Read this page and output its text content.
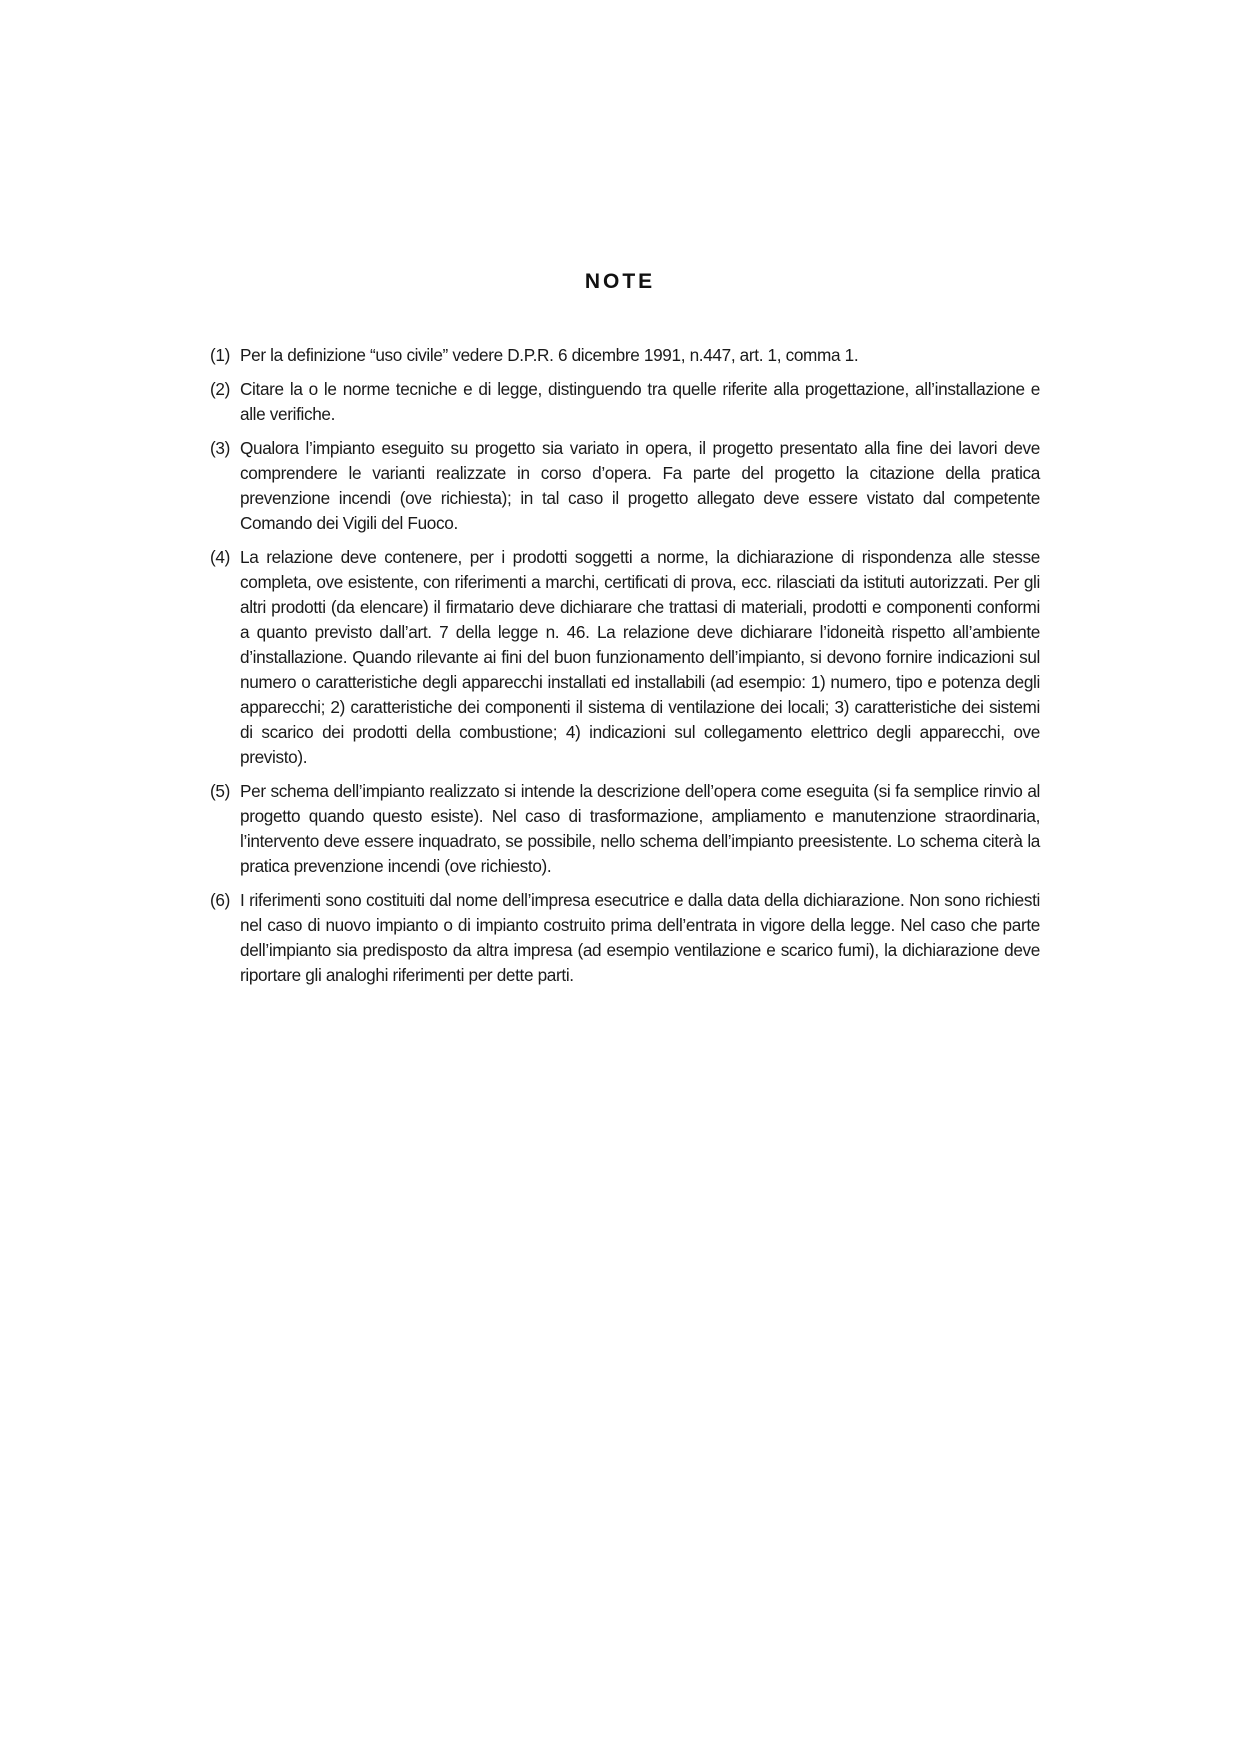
NOTE
(1) Per la definizione “uso civile” vedere D.P.R. 6 dicembre 1991, n.447, art. 1, comma 1.
(2) Citare la o le norme tecniche e di legge, distinguendo tra quelle riferite alla progettazione, all’installazione e alle verifiche.
(3) Qualora l’impianto eseguito su progetto sia variato in opera, il progetto presentato alla fine dei lavori deve comprendere le varianti realizzate in corso d’opera. Fa parte del progetto la citazione della pratica prevenzione incendi (ove richiesta); in tal caso il progetto allegato deve essere vistato dal competente Comando dei Vigili del Fuoco.
(4) La relazione deve contenere, per i prodotti soggetti a norme, la dichiarazione di rispondenza alle stesse completa, ove esistente, con riferimenti a marchi, certificati di prova, ecc. rilasciati da istituti autorizzati. Per gli altri prodotti (da elencare) il firmatario deve dichiarare che trattasi di materiali, prodotti e componenti conformi a quanto previsto dall’art. 7 della legge n. 46. La relazione deve dichiarare l’idoneità rispetto all’ambiente d’installazione. Quando rilevante ai fini del buon funzionamento dell’impianto, si devono fornire indicazioni sul numero o caratteristiche degli apparecchi installati ed installabili (ad esempio: 1) numero, tipo e potenza degli apparecchi; 2) caratteristiche dei componenti il sistema di ventilazione dei locali; 3) caratteristiche dei sistemi di scarico dei prodotti della combustione; 4) indicazioni sul collegamento elettrico degli apparecchi, ove previsto).
(5) Per schema dell’impianto realizzato si intende la descrizione dell’opera come eseguita (si fa semplice rinvio al progetto quando questo esiste). Nel caso di trasformazione, ampliamento e manutenzione straordinaria, l’intervento deve essere inquadrato, se possibile, nello schema dell’impianto preesistente. Lo schema citerà la pratica prevenzione incendi (ove richiesto).
(6) I riferimenti sono costituiti dal nome dell’impresa esecutrice e dalla data della dichiarazione. Non sono richiesti nel caso di nuovo impianto o di impianto costruito prima dell’entrata in vigore della legge. Nel caso che parte dell’impianto sia predisposto da altra impresa (ad esempio ventilazione e scarico fumi), la dichiarazione deve riportare gli analoghi riferimenti per dette parti.
